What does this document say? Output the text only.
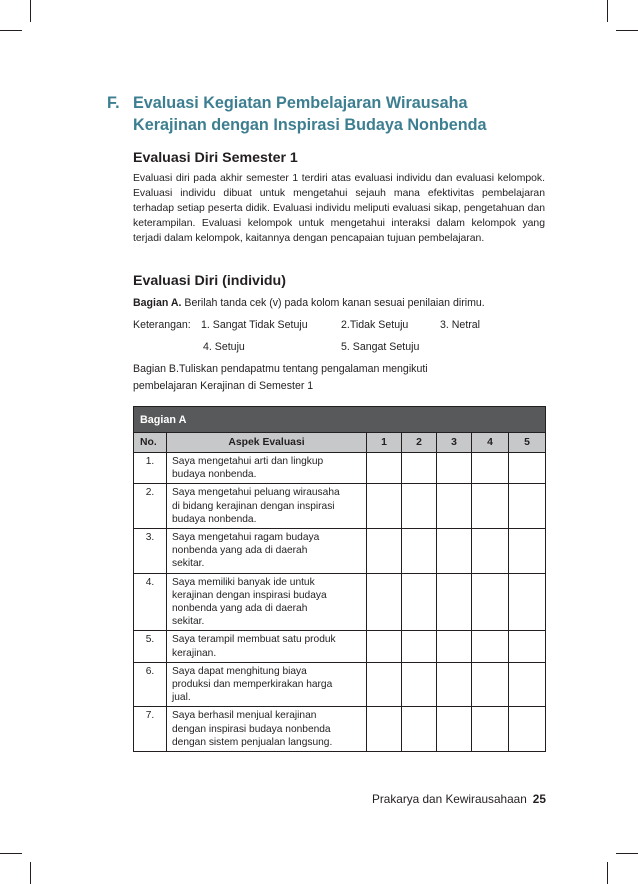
F. Evaluasi Kegiatan Pembelajaran Wirausaha
Kerajinan dengan Inspirasi Budaya Nonbenda
Evaluasi Diri Semester 1
Evaluasi diri pada akhir semester 1 terdiri atas evaluasi individu dan evaluasi kelompok. Evaluasi individu dibuat untuk mengetahui sejauh mana efektivitas pembelajaran terhadap setiap peserta didik. Evaluasi individu meliputi evaluasi sikap, pengetahuan dan keterampilan. Evaluasi kelompok untuk mengetahui interaksi dalam kelompok yang terjadi dalam kelompok, kaitannya dengan pencapaian tujuan pembelajaran.
Evaluasi Diri (individu)
Bagian A. Berilah tanda cek (v) pada kolom kanan sesuai penilaian dirimu.
Keterangan: 1. Sangat Tidak Setuju	2.Tidak Setuju	3. Netral
4. Setuju	5. Sangat Setuju
Bagian B.Tuliskan pendapatmu tentang pengalaman mengikuti
pembelajaran Kerajinan di Semester 1
Bagian A						
No.	Aspek Evaluasi	1	2	3	4	5
1.	Saya mengetahui arti dan lingkup
budaya nonbenda.					

2.	Saya mengetahui peluang wirausaha
di bidang kerajinan dengan inspirasi
budaya nonbenda.					

3.	Saya mengetahui ragam budaya
nonbenda yang ada di daerah
sekitar.					

4.	Saya memiliki banyak ide untuk
kerajinan dengan inspirasi budaya
nonbenda yang ada di daerah
sekitar.					

5.	Saya terampil membuat satu produk
kerajinan.					

6.	Saya dapat menghitung biaya
produksi dan memperkirakan harga
jual.					

7.	Saya berhasil menjual kerajinan
dengan inspirasi budaya nonbenda
dengan sistem penjualan langsung.					

Prakarya dan Kewirausahaan 25
